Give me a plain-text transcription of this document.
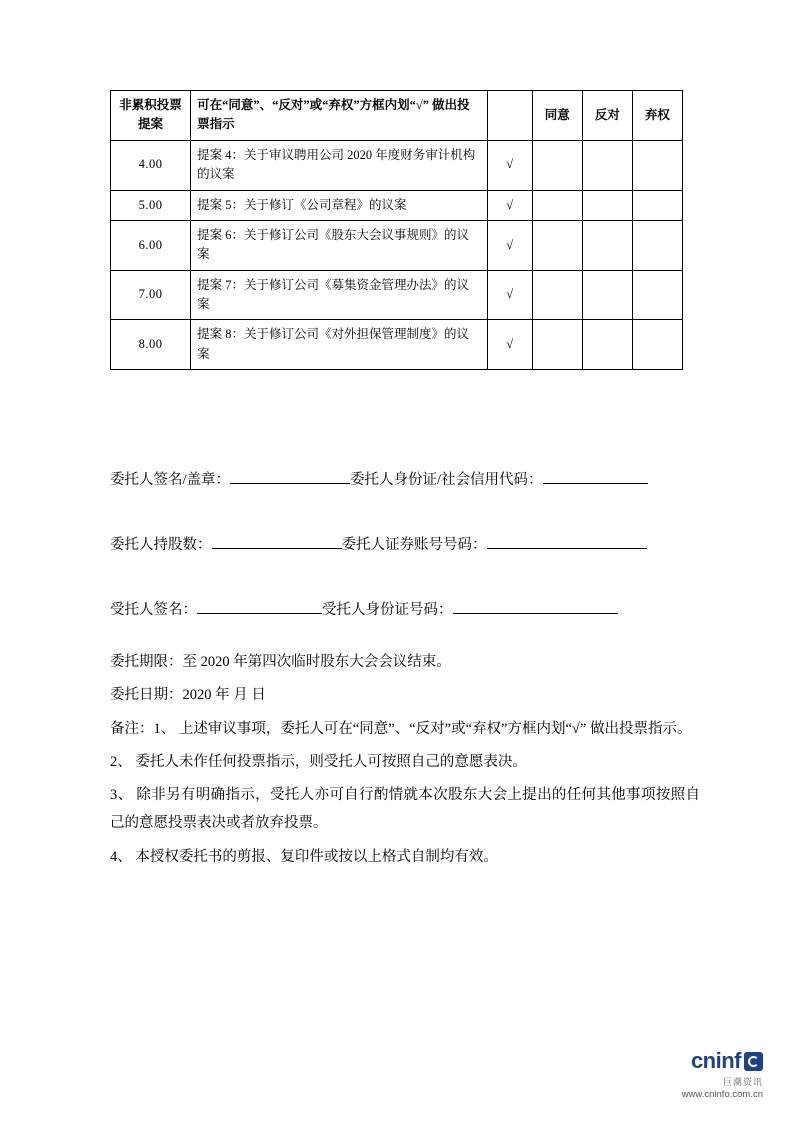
非累积投票提案	可在“同意”、“反对”或“弃权”方框内划“√” 做出投票指示		同意	反对	弃权
4.00	提案 4：关于审议聘用公司 2020 年度财务审计机构的议案	√			
5.00	提案 5：关于修订《公司章程》的议案	√			
6.00	提案 6：关于修订公司《股东大会议事规则》的议案	√			
7.00	提案 7：关于修订公司《募集资金管理办法》的议案	√			
8.00	提案 8：关于修订公司《对外担保管理制度》的议案	√			
委托人签名/盖章：	委托人身份证/社会信用代码：
委托人持股数：	委托人证券账号号码：
受托人签名：	受托人身份证号码：

委托期限：至 2020 年第四次临时股东大会会议结束。

委托日期：2020 年 月 日

备注：1、 上述审议事项，委托人可在“同意”、“反对”或“弃权”方框内划“√” 做出投票指示。

2、 委托人未作任何投票指示，则受托人可按照自己的意愿表决。

3、 除非另有明确指示，受托人亦可自行酌情就本次股东大会上提出的任何其他事项按照自己的意愿投票表决或者放弃投票。

4、 本授权委托书的剪报、复印件或按以上格式自制均有效。

cninf
巨潮资讯
www.cninfo.com.cn
